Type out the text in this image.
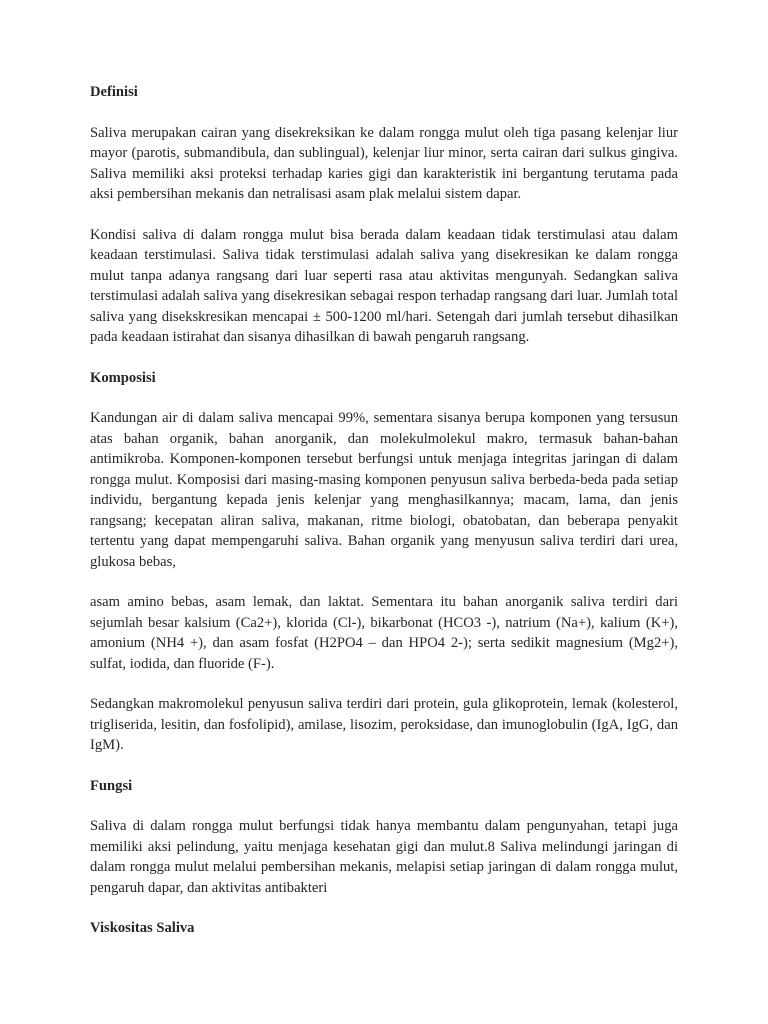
Definisi

Saliva merupakan cairan yang disekreksikan ke dalam rongga mulut oleh tiga pasang kelenjar liur mayor (parotis, submandibula, dan sublingual), kelenjar liur minor, serta cairan dari sulkus gingiva. Saliva memiliki aksi proteksi terhadap karies gigi dan karakteristik ini bergantung terutama pada aksi pembersihan mekanis dan netralisasi asam plak melalui sistem dapar.

Kondisi saliva di dalam rongga mulut bisa berada dalam keadaan tidak terstimulasi atau dalam keadaan terstimulasi. Saliva tidak terstimulasi adalah saliva yang disekresikan ke dalam rongga mulut tanpa adanya rangsang dari luar seperti rasa atau aktivitas mengunyah. Sedangkan saliva terstimulasi adalah saliva yang disekresikan sebagai respon terhadap rangsang dari luar. Jumlah total saliva yang disekskresikan mencapai ± 500-1200 ml/hari. Setengah dari jumlah tersebut dihasilkan pada keadaan istirahat dan sisanya dihasilkan di bawah pengaruh rangsang.

Komposisi

Kandungan air di dalam saliva mencapai 99%, sementara sisanya berupa komponen yang tersusun atas bahan organik, bahan anorganik, dan molekulmolekul makro, termasuk bahan-bahan antimikroba. Komponen-komponen tersebut berfungsi untuk menjaga integritas jaringan di dalam rongga mulut. Komposisi dari masing-masing komponen penyusun saliva berbeda-beda pada setiap individu, bergantung kepada jenis kelenjar yang menghasilkannya; macam, lama, dan jenis rangsang; kecepatan aliran saliva, makanan, ritme biologi, obatobatan, dan beberapa penyakit tertentu yang dapat mempengaruhi saliva. Bahan organik yang menyusun saliva terdiri dari urea, glukosa bebas,

asam amino bebas, asam lemak, dan laktat. Sementara itu bahan anorganik saliva terdiri dari sejumlah besar kalsium (Ca2+), klorida (Cl-), bikarbonat (HCO3 -), natrium (Na+), kalium (K+), amonium (NH4 +), dan asam fosfat (H2PO4 – dan HPO4 2-); serta sedikit magnesium (Mg2+), sulfat, iodida, dan fluoride (F-).

Sedangkan makromolekul penyusun saliva terdiri dari protein, gula glikoprotein, lemak (kolesterol, trigliserida, lesitin, dan fosfolipid), amilase, lisozim, peroksidase, dan imunoglobulin (IgA, IgG, dan IgM).

Fungsi

Saliva di dalam rongga mulut berfungsi tidak hanya membantu dalam pengunyahan, tetapi juga memiliki aksi pelindung, yaitu menjaga kesehatan gigi dan mulut.8 Saliva melindungi jaringan di dalam rongga mulut melalui pembersihan mekanis, melapisi setiap jaringan di dalam rongga mulut, pengaruh dapar, dan aktivitas antibakteri

Viskositas Saliva
